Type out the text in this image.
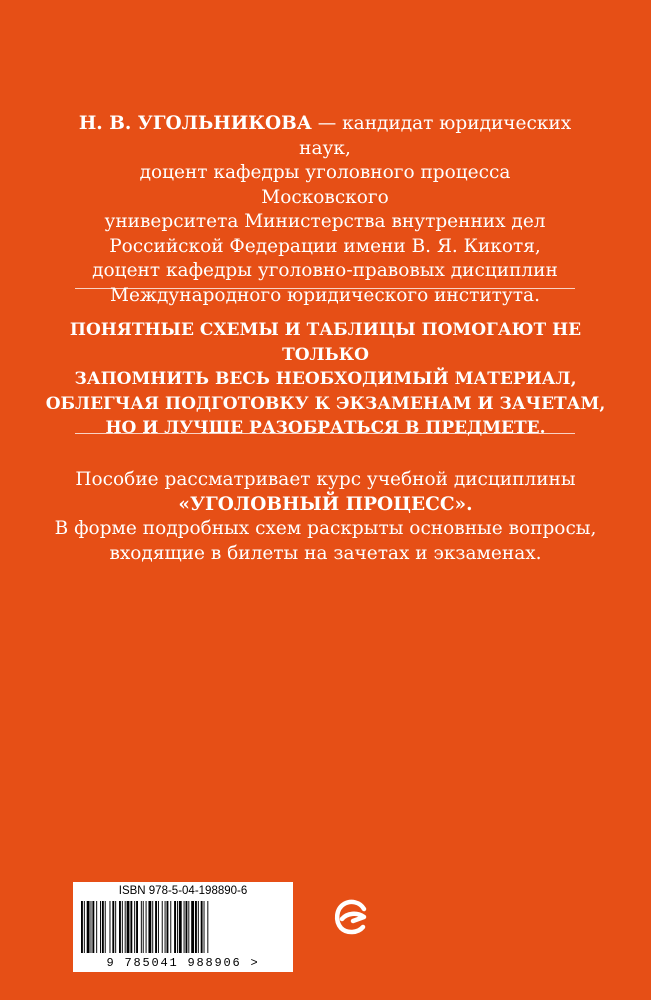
Н. В. УГОЛЬНИКОВА — кандидат юридических наук,
доцент кафедры уголовного процесса Московского
университета Министерства внутренних дел
Российской Федерации имени В. Я. Кикотя,
доцент кафедры уголовно-правовых дисциплин
Международного юридического института.
ПОНЯТНЫЕ СХЕМЫ И ТАБЛИЦЫ ПОМОГАЮТ НЕ ТОЛЬКО
ЗАПОМНИТЬ ВЕСЬ НЕОБХОДИМЫЙ МАТЕРИАЛ,
ОБЛЕГЧАЯ ПОДГОТОВКУ К ЭКЗАМЕНАМ И ЗАЧЕТАМ,
НО И ЛУЧШЕ РАЗОБРАТЬСЯ В ПРЕДМЕТЕ.
Пособие рассматривает курс учебной дисциплины
«УГОЛОВНЫЙ ПРОЦЕСС».
В форме подробных схем раскрыты основные вопросы,
входящие в билеты на зачетах и экзаменах.
ISBN 978-5-04-198890-6
9 785041 988906 >
